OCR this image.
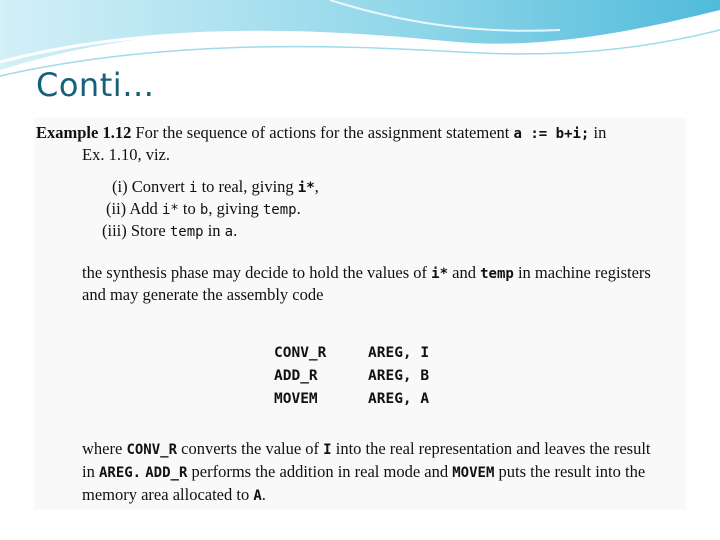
Conti…
Example 1.12 For the sequence of actions for the assignment statement a := b+i; in
Ex. 1.10, viz.
(i) Convert i to real, giving i*,
(ii) Add i* to b, giving temp.
(iii) Store temp in a.
the synthesis phase may decide to hold the values of i* and temp in machine registers
and may generate the assembly code
CONV_R	AREG, I
ADD_R	AREG, B
MOVEM	AREG, A
where CONV_R converts the value of I into the real representation and leaves the result
in AREG. ADD_R performs the addition in real mode and MOVEM puts the result into the
memory area allocated to A.
